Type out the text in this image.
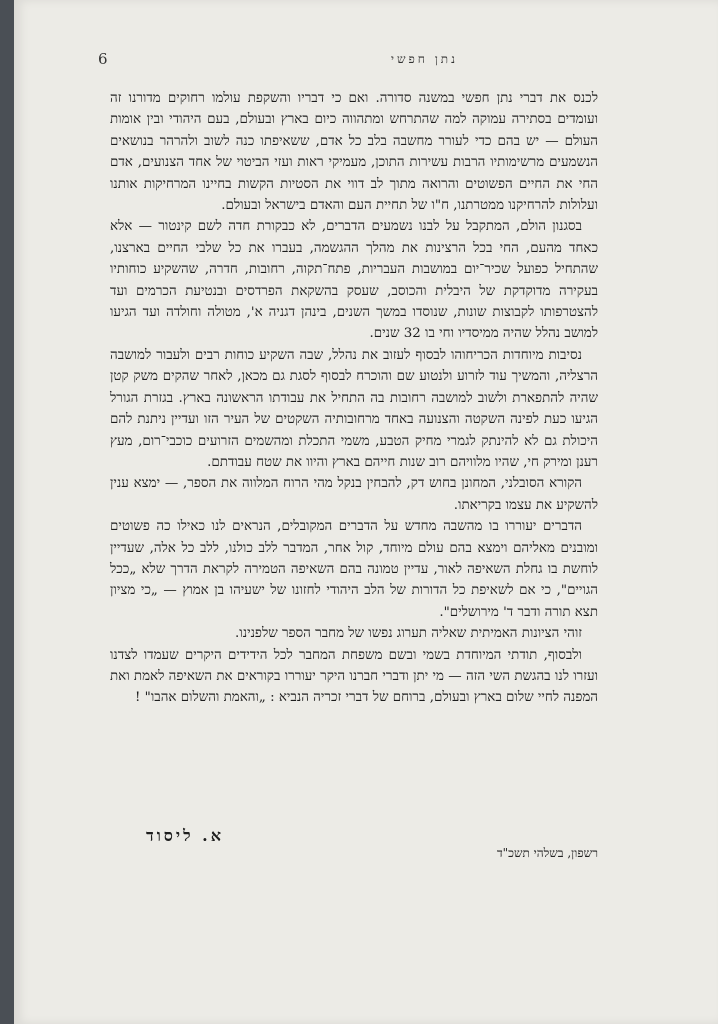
נתן חפשי
6

לכנס את דברי נתן חפשי במשנה סדורה. ואם כי דבריו והשקפת עולמו רחוקים מדורנו זה ועומדים בסתירה עמוקה למה שהתרחש ומתהווה כיום בארץ ובעולם, בעם היהודי ובין אומות העולם — יש בהם כדי לעורר מחשבה בלב כל אדם, ששאיפתו כנה לשוב ולהרהר בנושאים הנשמעים מרשימותיו הרבות עשירות התוכן, מעמיקי ראות ועזי הביטוי של אחד הצנועים, אדם החי את החיים הפשוטים והרואה מתוך לב דווי את הסטיות הקשות בחיינו המרחיקות אותנו ועלולות להרחיקנו ממטרתנו, ח"ו של תחיית העם והאדם בישראל ובעולם.

בסגנון הולם, המתקבל על לבנו נשמעים הדברים, לא כבקורת חדה לשם קינטור — אלא כאחד מהעם, החי בכל הרצינות את מהלך ההגשמה, בעברו את כל שלבי החיים בארצנו, שהתחיל כפועל שכיר־יום במושבות העבריות, פתח־תקוה, רחובות, חדרה, שהשקיע כוחותיו בעקירה מדוקדקת של היבלית והכוסב, שעסק בהשקאת הפרדסים ובנטיעת הכרמים ועד להצטרפותו לקבוצות שונות, שנוסדו במשך השנים, בינהן דגניה א', מטולה וחולדה ועד הגיעו למושב נהלל שהיה ממיסדיו וחי בו 32 שנים.

נסיבות מיוחדות הכריחוהו לבסוף לעזוב את נהלל, שבה השקיע כוחות רבים ולעבור למושבה הרצליה, והמשיך עוד לזרוע ולנטוע שם והוכרח לבסוף לסגת גם מכאן, לאחר שהקים משק קטן שהיה להתפארת ולשוב למושבה רחובות בה התחיל את עבודתו הראשונה בארץ. בגזרת הגורל הגיעו כעת לפינה השקטה והצנועה באחד מרחובותיה השקטים של העיר הזו ועדיין ניתנת להם היכולת גם לא להינתק לגמרי מחיק הטבע, משמי התכלת ומהשמים הזרועים כוכבי־רום, מעץ רענן ומירק חי, שהיו מלוויהם רוב שנות חייהם בארץ והיוו את שטח עבודתם.

הקורא הסובלני, המחונן בחוש דק, להבחין בנקל מהי הרוח המלווה את הספר, — ימצא ענין להשקיע את עצמו בקריאתו.

הדברים יעוררו בו מהשבה מחדש על הדברים המקובלים, הנראים לנו כאילו כה פשוטים ומובנים מאליהם וימצא בהם עולם מיוחד, קול אחר, המדבר ללב כולנו, ללב כל אלה, שעדיין לוחשת בו גחלת השאיפה לאור, עדיין טמונה בהם השאיפה הטמירה לקראת הדרך שלא „ככל הגויים", כי אם לשאיפת כל הדורות של הלב היהודי לחזונו של ישעיהו בן אמוץ — „כי מציון תצא תורה ודבר ד' מירושלים".

זוהי הציונות האמיתית שאליה תערוג נפשו של מחבר הספר שלפנינו.

ולבסוף, תודתי המיוחדת בשמי ובשם משפחת המחבר לכל הידידים היקרים שעמדו לצדנו ועזרו לנו בהגשת השי הזה — מי יתן ודברי חברנו היקר יעוררו בקוראים את השאיפה לאמת ואת המפנה לחיי שלום בארץ ובעולם, ברוחם של דברי זכריה הנביא : „והאמת והשלום אהבו" !

רשפון, בשלהי תשכ"ד
א. ליסוד
